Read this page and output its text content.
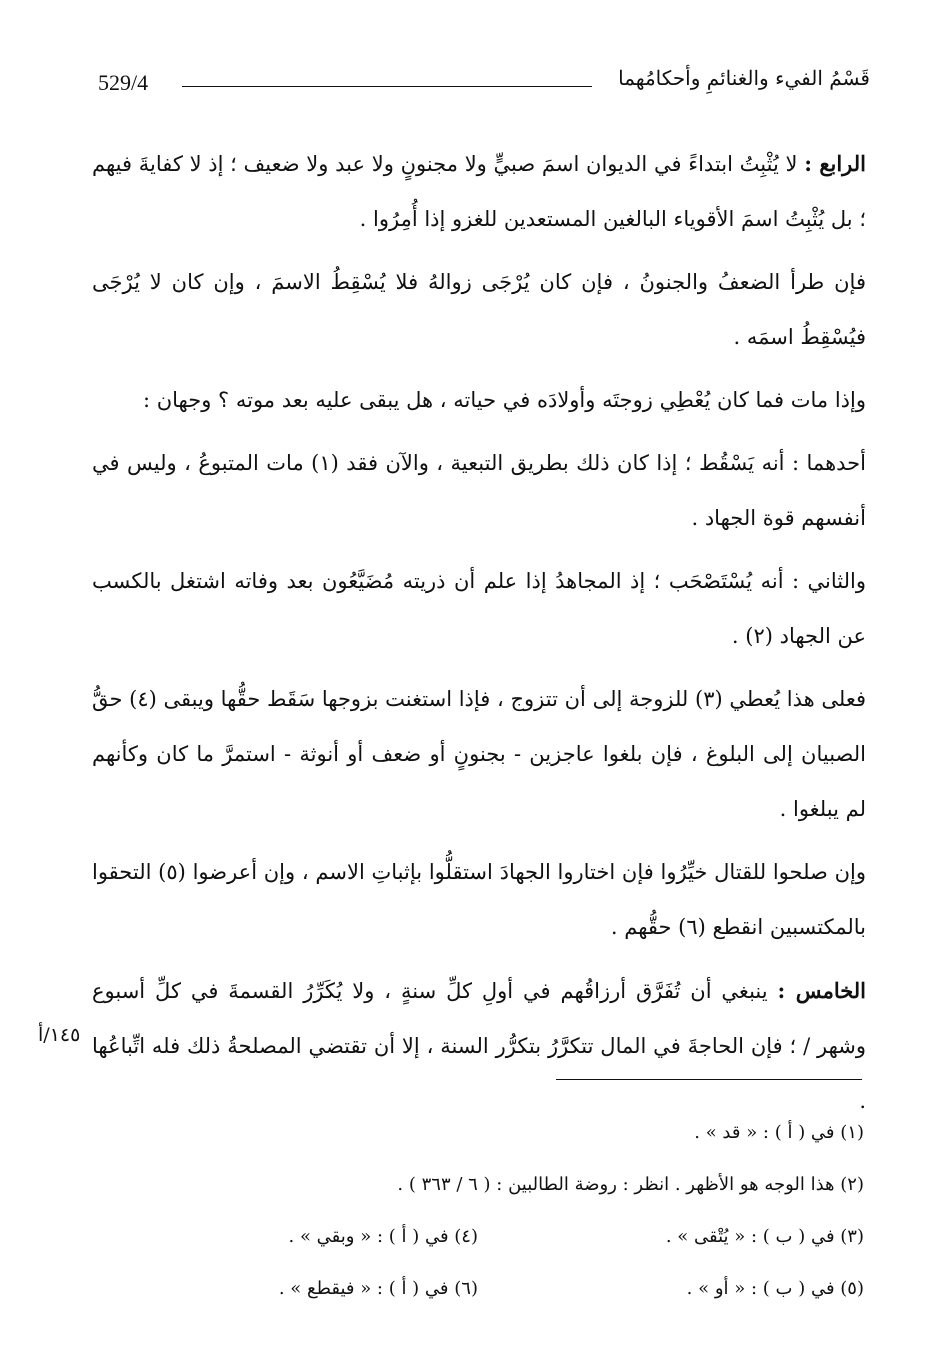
529/4	قَسْمُ الفيء والغنائمِ وأحكامُهما

الرابع : لا يُثْبِتُ ابتداءً في الديوان اسمَ صبيٍّ ولا مجنونٍ ولا عبد ولا ضعيف ؛ إذ لا كفايةَ فيهم ؛ بل يُثْبِتُ اسمَ الأقوياء البالغين المستعدين للغزو إذا أُمِرُوا .

فإن طرأ الضعفُ والجنونُ ، فإن كان يُرْجَى زوالهُ فلا يُسْقِطُ الاسمَ ، وإن كان لا يُرْجَى فيُسْقِطُ اسمَه .

وإذا مات فما كان يُعْطِي زوجتَه وأولادَه في حياته ، هل يبقى عليه بعد موته ؟ وجهان :

أحدهما : أنه يَسْقُط ؛ إذا كان ذلك بطريق التبعية ، والآن فقد (١) مات المتبوعُ ، وليس في أنفسهم قوة الجهاد .

والثاني : أنه يُسْتَصْحَب ؛ إذ المجاهدُ إذا علم أن ذريته مُضَيَّعُون بعد وفاته اشتغل بالكسب عن الجهاد (٢) .

فعلى هذا يُعطي (٣) للزوجة إلى أن تتزوج ، فإذا استغنت بزوجها سَقَط حقُّها ويبقى (٤) حقُّ الصبيان إلى البلوغ ، فإن بلغوا عاجزين - بجنونٍ أو ضعف أو أنوثة - استمرَّ ما كان وكأنهم لم يبلغوا .

وإن صلحوا للقتال خيِّرُوا فإن اختاروا الجهادَ استقلُّوا بإثباتِ الاسم ، وإن أعرضوا (٥) التحقوا بالمكتسبين انقطع (٦) حقُّهم .

الخامس : ينبغي أن تُفَرَّق أرزاقُهم في أولِ كلِّ سنةٍ ، ولا يُكَرِّرُ القسمةَ في كلِّ أسبوع وشهر / ؛ فإن الحاجةَ في المال تتكرَّرُ بتكرُّر السنة ، إلا أن تقتضي المصلحةُ ذلك فله اتِّباعُها .

١٤٥/أ
(١) في ( أ ) : « قد » .
(٢) هذا الوجه هو الأظهر . انظر : روضة الطالبين : ( ٦ / ٣٦٣ ) .
(٣) في ( ب ) : « يُتْقى » .
(٤) في ( أ ) : « وبقي » .
(٥) في ( ب ) : « أو » .
(٦) في ( أ ) : « فيقطع » .
